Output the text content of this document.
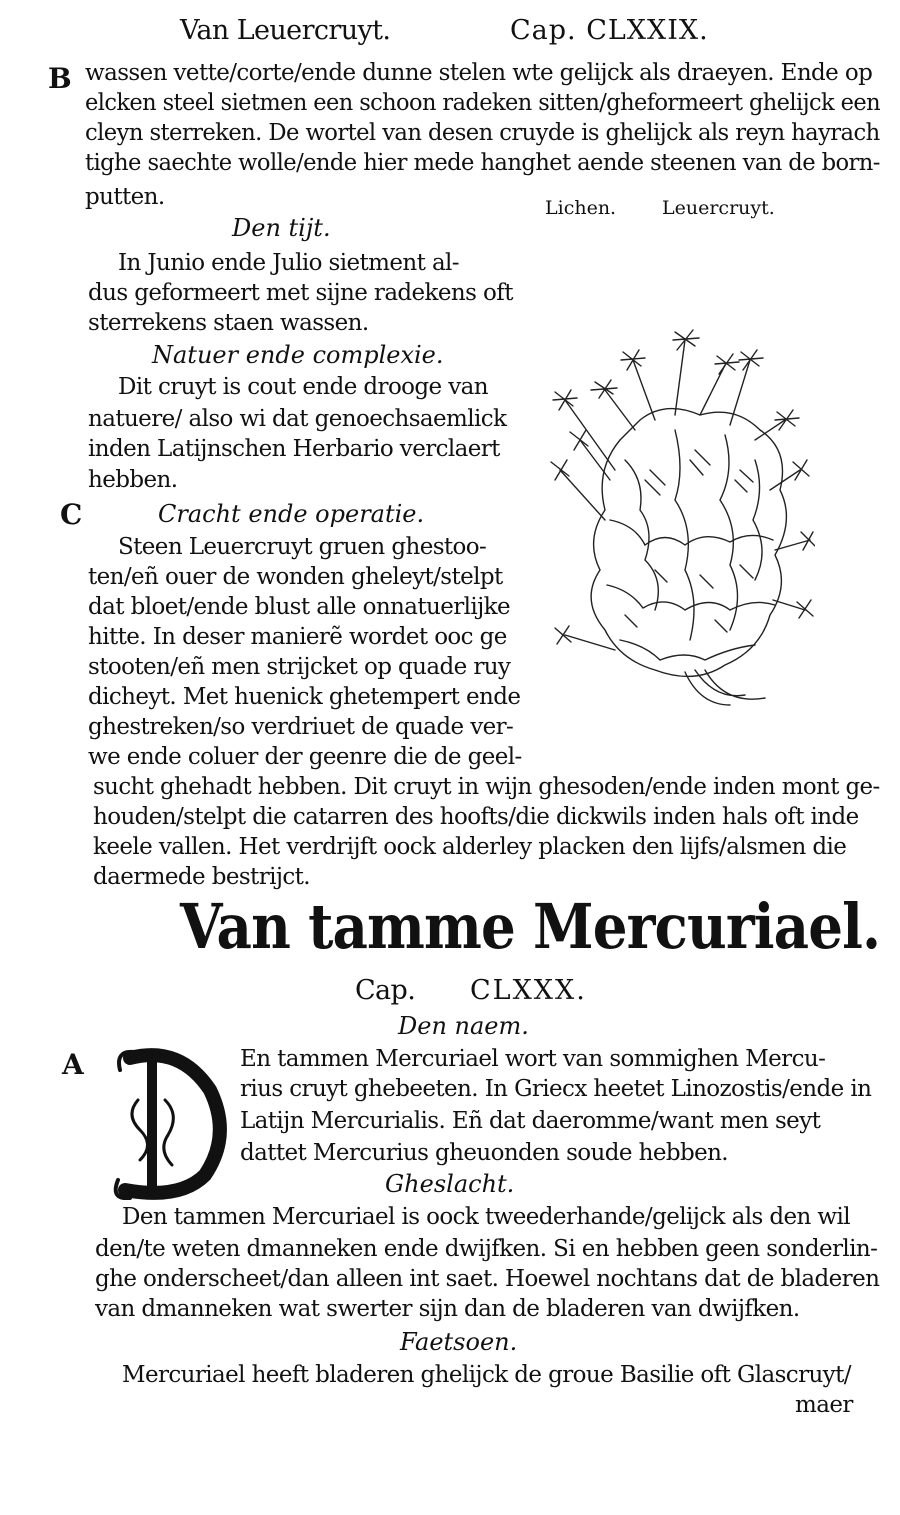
Van Leuercruyt.	Cap. CLXXIX.
B wassen vette/corte/ende dunne stelen wte gelijck als draeyen. Ende op
elcken steel sietmen een schoon radeken sitten/gheformeert ghelijck een
cleyn sterreken. De wortel van desen cruyde is ghelijck als reyn hayrach
tighe saechte wolle/ende hier mede hanghet aende steenen van de born-
putten.	Lichen. Leuercruyt.
Den tijt.
In Junio ende Julio sietment al-
dus geformeert met sijne radekens oft
sterrekens staen wassen.
Natuer ende complexie.
Dit cruyt is cout ende drooge van
natuere/ also wi dat genoechsaemlick
inden Latijnschen Herbario verclaert
hebben.
C	Cracht ende operatie.
Steen Leuercruyt gruen ghestoo-
ten/eñ ouer de wonden gheleyt/stelpt
dat bloet/ende blust alle onnatuerlijke
hitte. In deser manierẽ wordet ooc ge
stooten/eñ men strijcket op quade ruy
dicheyt. Met huenick ghetempert ende
ghestreken/so verdriuet de quade ver-
we ende coluer der geenre die de geel-
sucht ghehadt hebben. Dit cruyt in wijn ghesoden/ende inden mont ge-
houden/stelpt die catarren des hoofts/die dickwils inden hals oft inde
keele vallen. Het verdrijft oock alderley placken den lijfs/alsmen die
daermede bestrijct.
Van tamme Mercuriael.
Cap. CLXXX.
Den naem.
A	En tammen Mercuriael wort van sommighen Mercu-
rius cruyt ghebeeten. In Griecx heetet Linozostis/ende in
Latijn Mercurialis. Eñ dat daeromme/want men seyt
dattet Mercurius gheuonden soude hebben.
Gheslacht.
Den tammen Mercuriael is oock tweederhande/gelijck als den wil
den/te weten dmanneken ende dwijfken. Si en hebben geen sonderlin-
ghe onderscheet/dan alleen int saet. Hoewel nochtans dat de bladeren
van dmanneken wat swerter sijn dan de bladeren van dwijfken.
Faetsoen.
Mercuriael heeft bladeren ghelijck de groue Basilie oft Glascruyt/
maer
